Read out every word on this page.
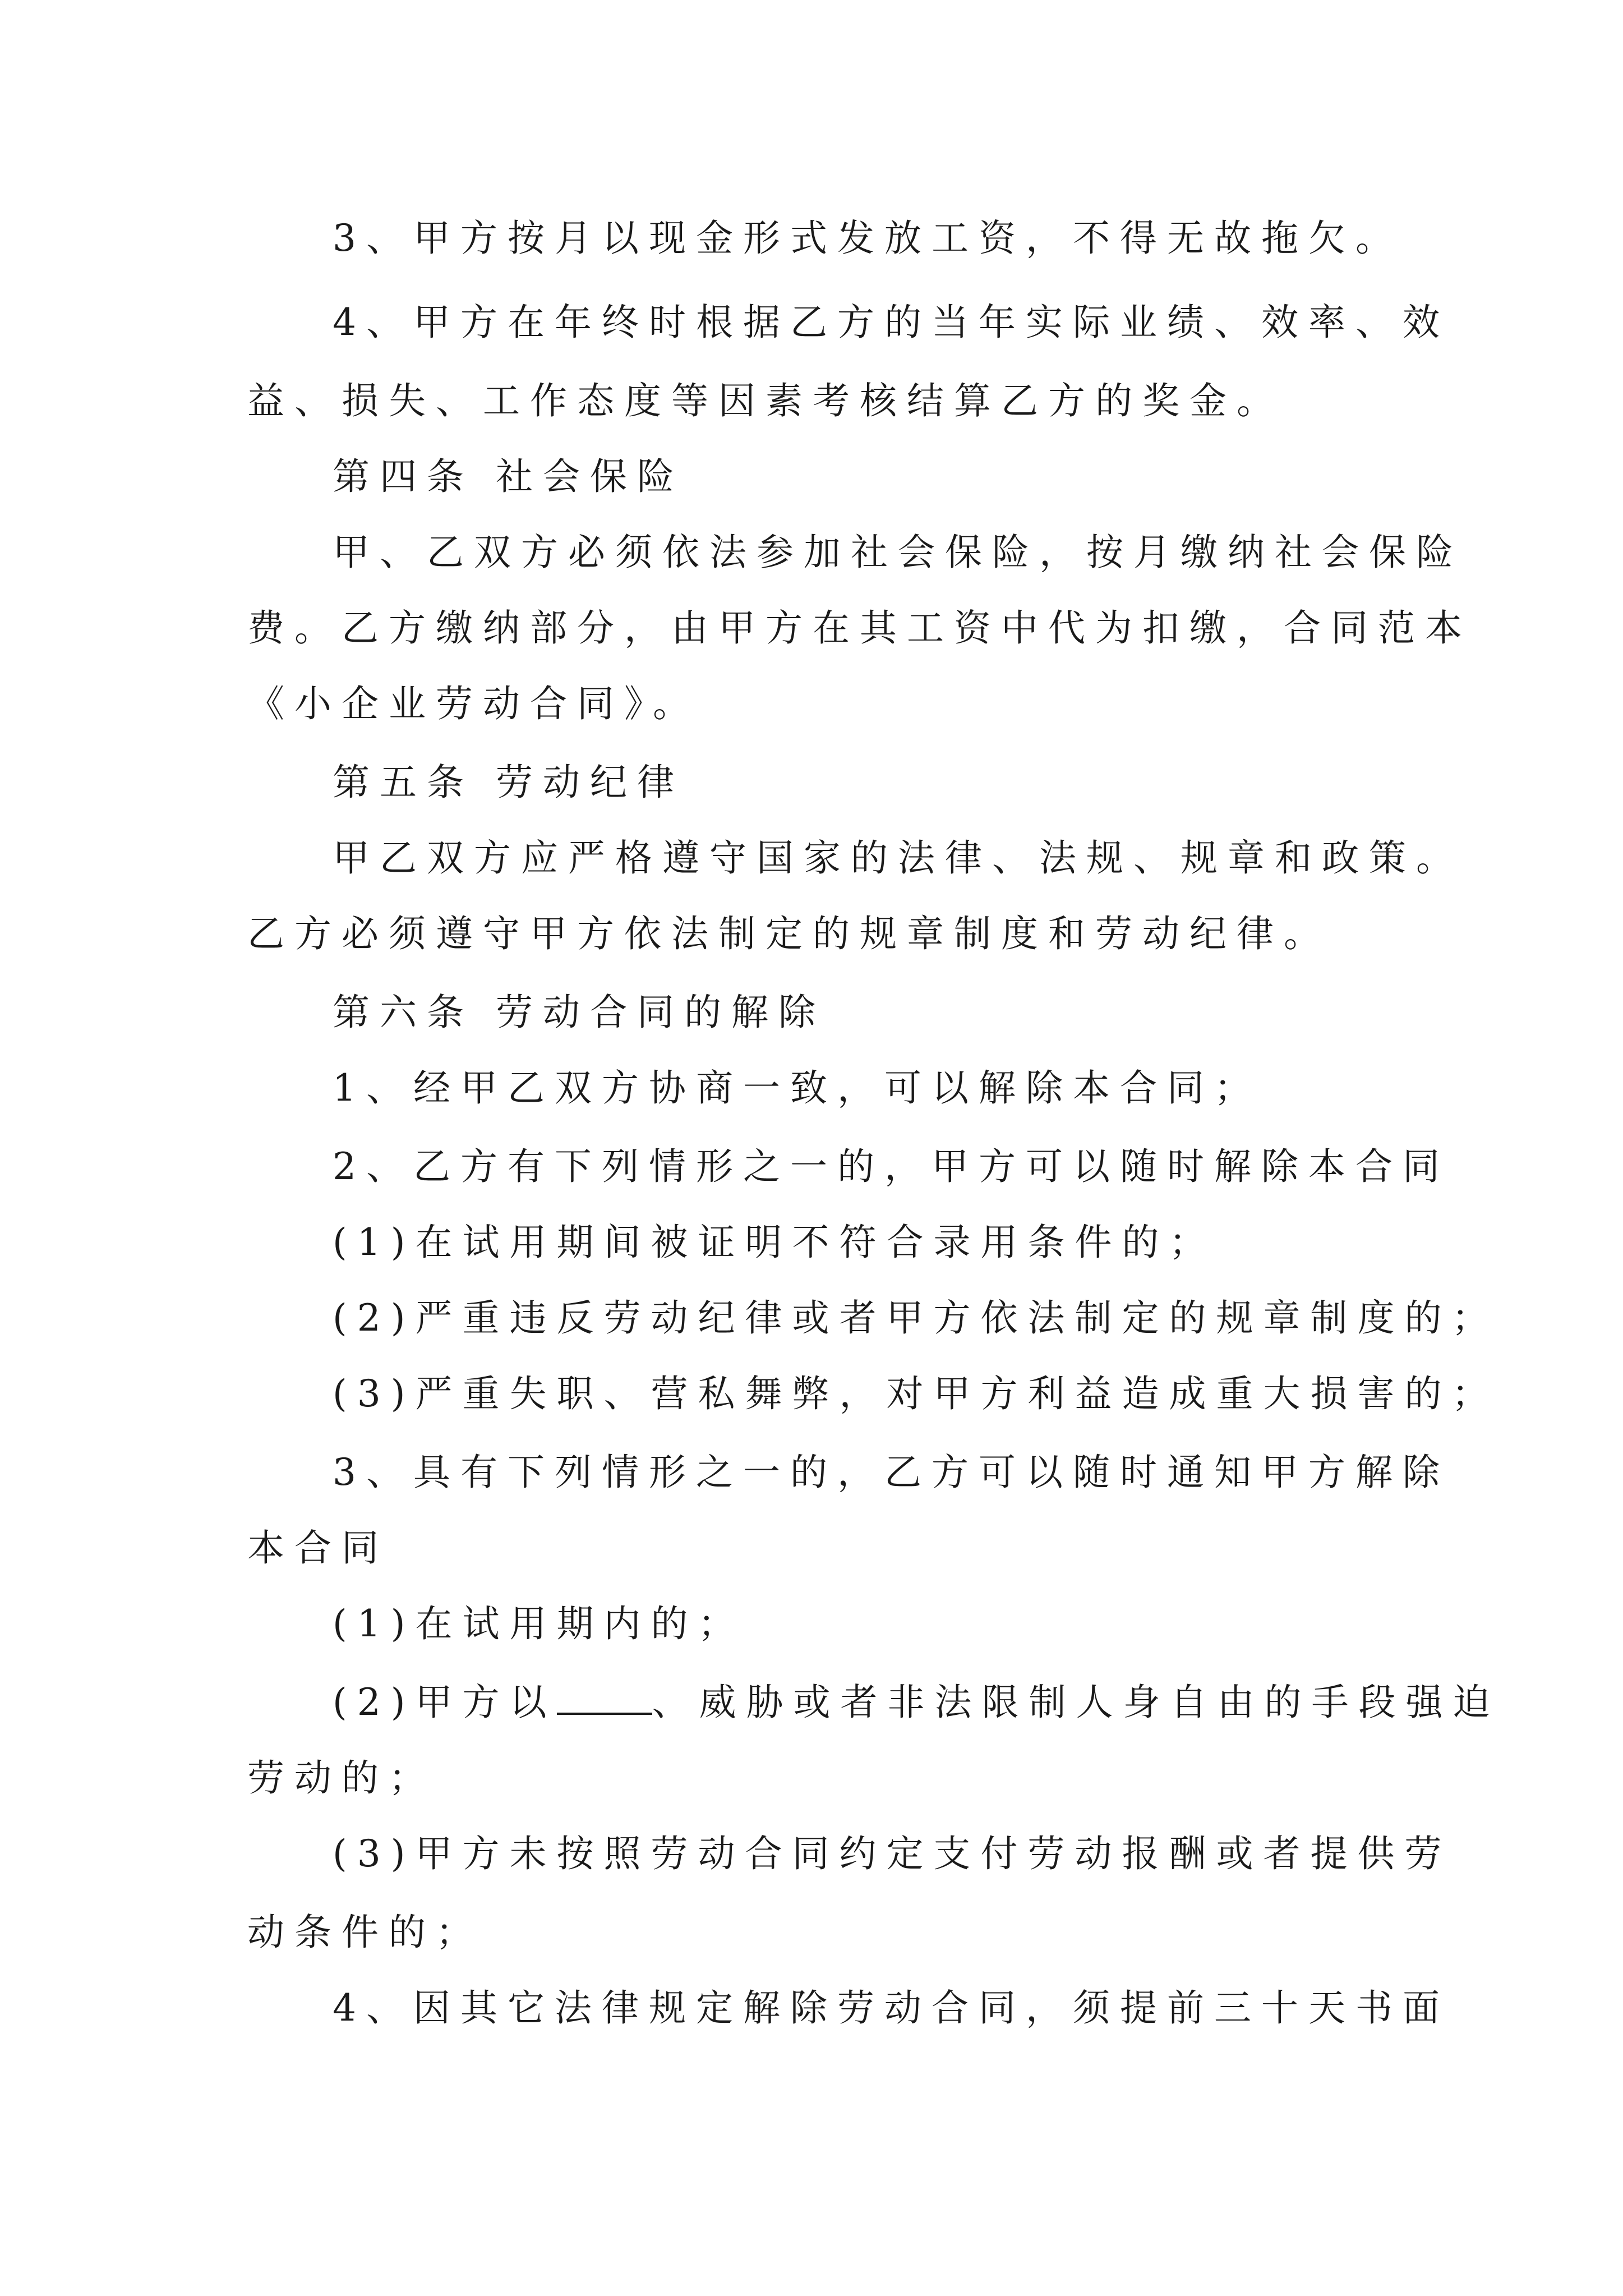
3、甲方按月以现金形式发放工资，不得无故拖欠。
4、甲方在年终时根据乙方的当年实际业绩、效率、效
益、损失、工作态度等因素考核结算乙方的奖金。
第四条 社会保险
甲、乙双方必须依法参加社会保险，按月缴纳社会保险
费。乙方缴纳部分，由甲方在其工资中代为扣缴，合同范本
《小企业劳动合同》。
第五条 劳动纪律
甲乙双方应严格遵守国家的法律、法规、规章和政策。
乙方必须遵守甲方依法制定的规章制度和劳动纪律。
第六条 劳动合同的解除
1、经甲乙双方协商一致，可以解除本合同；
2、乙方有下列情形之一的，甲方可以随时解除本合同
(1)在试用期间被证明不符合录用条件的；
(2)严重违反劳动纪律或者甲方依法制定的规章制度的；
(3)严重失职、营私舞弊，对甲方利益造成重大损害的；
3、具有下列情形之一的，乙方可以随时通知甲方解除
本合同
(1)在试用期内的；
(2)甲方以	、威胁或者非法限制人身自由的手段强迫
劳动的；
(3)甲方未按照劳动合同约定支付劳动报酬或者提供劳
动条件的；
4、因其它法律规定解除劳动合同，须提前三十天书面
